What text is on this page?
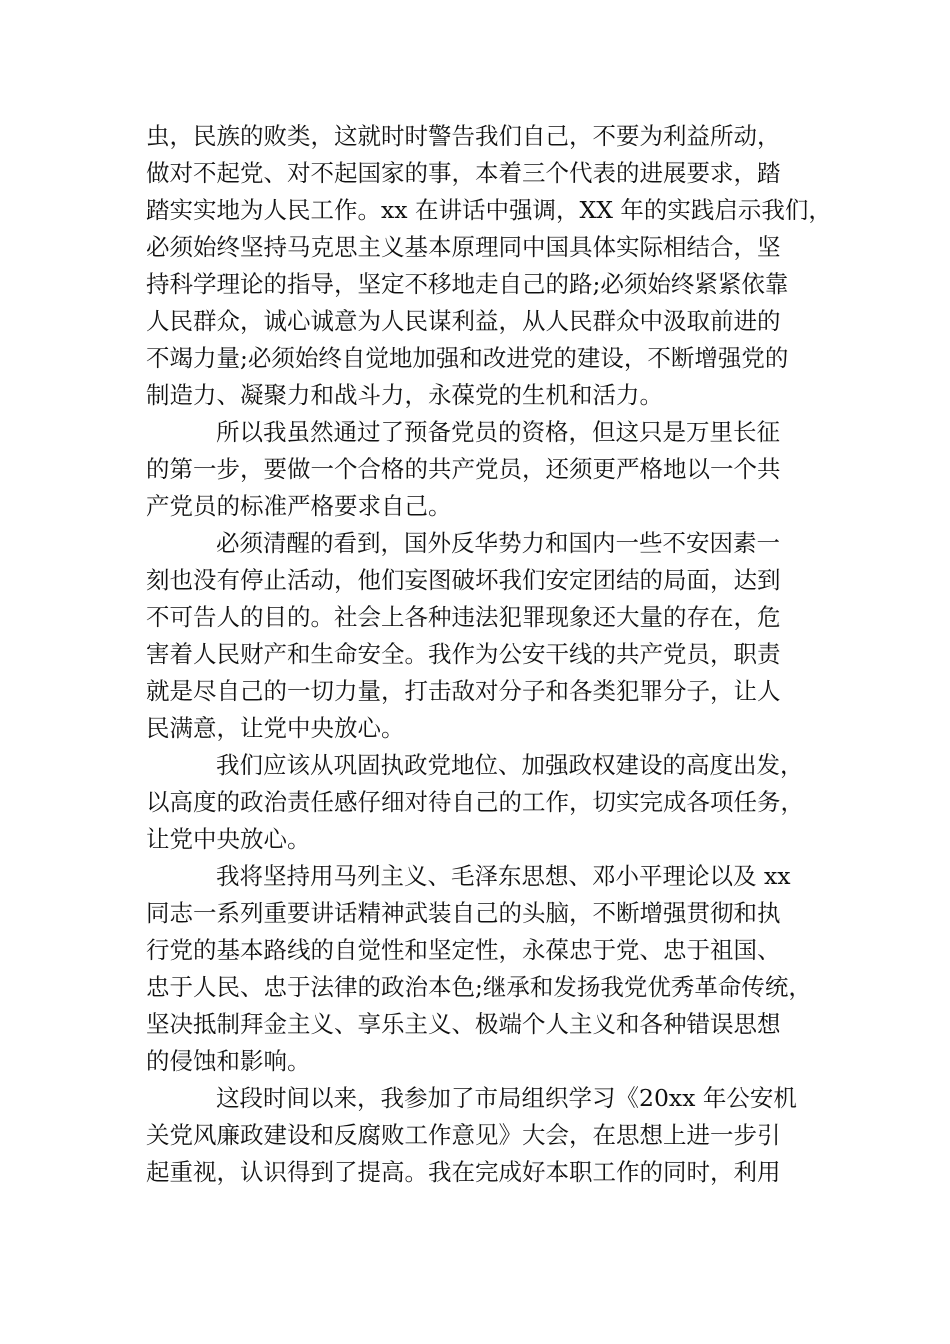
虫，民族的败类，这就时时警告我们自己，不要为利益所动，
做对不起党、对不起国家的事，本着三个代表的进展要求，踏
踏实实地为人民工作。xx 在讲话中强调，XX 年的实践启示我们，
必须始终坚持马克思主义基本原理同中国具体实际相结合，坚
持科学理论的指导，坚定不移地走自己的路;必须始终紧紧依靠
人民群众，诚心诚意为人民谋利益，从人民群众中汲取前进的
不竭力量;必须始终自觉地加强和改进党的建设，不断增强党的
制造力、凝聚力和战斗力，永葆党的生机和活力。
所以我虽然通过了预备党员的资格，但这只是万里长征
的第一步，要做一个合格的共产党员，还须更严格地以一个共
产党员的标准严格要求自己。
必须清醒的看到，国外反华势力和国内一些不安因素一
刻也没有停止活动，他们妄图破坏我们安定团结的局面，达到
不可告人的目的。社会上各种违法犯罪现象还大量的存在，危
害着人民财产和生命安全。我作为公安干线的共产党员，职责
就是尽自己的一切力量，打击敌对分子和各类犯罪分子，让人
民满意，让党中央放心。
我们应该从巩固执政党地位、加强政权建设的高度出发，
以高度的政治责任感仔细对待自己的工作，切实完成各项任务，
让党中央放心。
我将坚持用马列主义、毛泽东思想、邓小平理论以及 xx
同志一系列重要讲话精神武装自己的头脑，不断增强贯彻和执
行党的基本路线的自觉性和坚定性，永葆忠于党、忠于祖国、
忠于人民、忠于法律的政治本色;继承和发扬我党优秀革命传统，
坚决抵制拜金主义、享乐主义、极端个人主义和各种错误思想
的侵蚀和影响。
这段时间以来，我参加了市局组织学习《20xx 年公安机
关党风廉政建设和反腐败工作意见》大会，在思想上进一步引
起重视，认识得到了提高。我在完成好本职工作的同时，利用
